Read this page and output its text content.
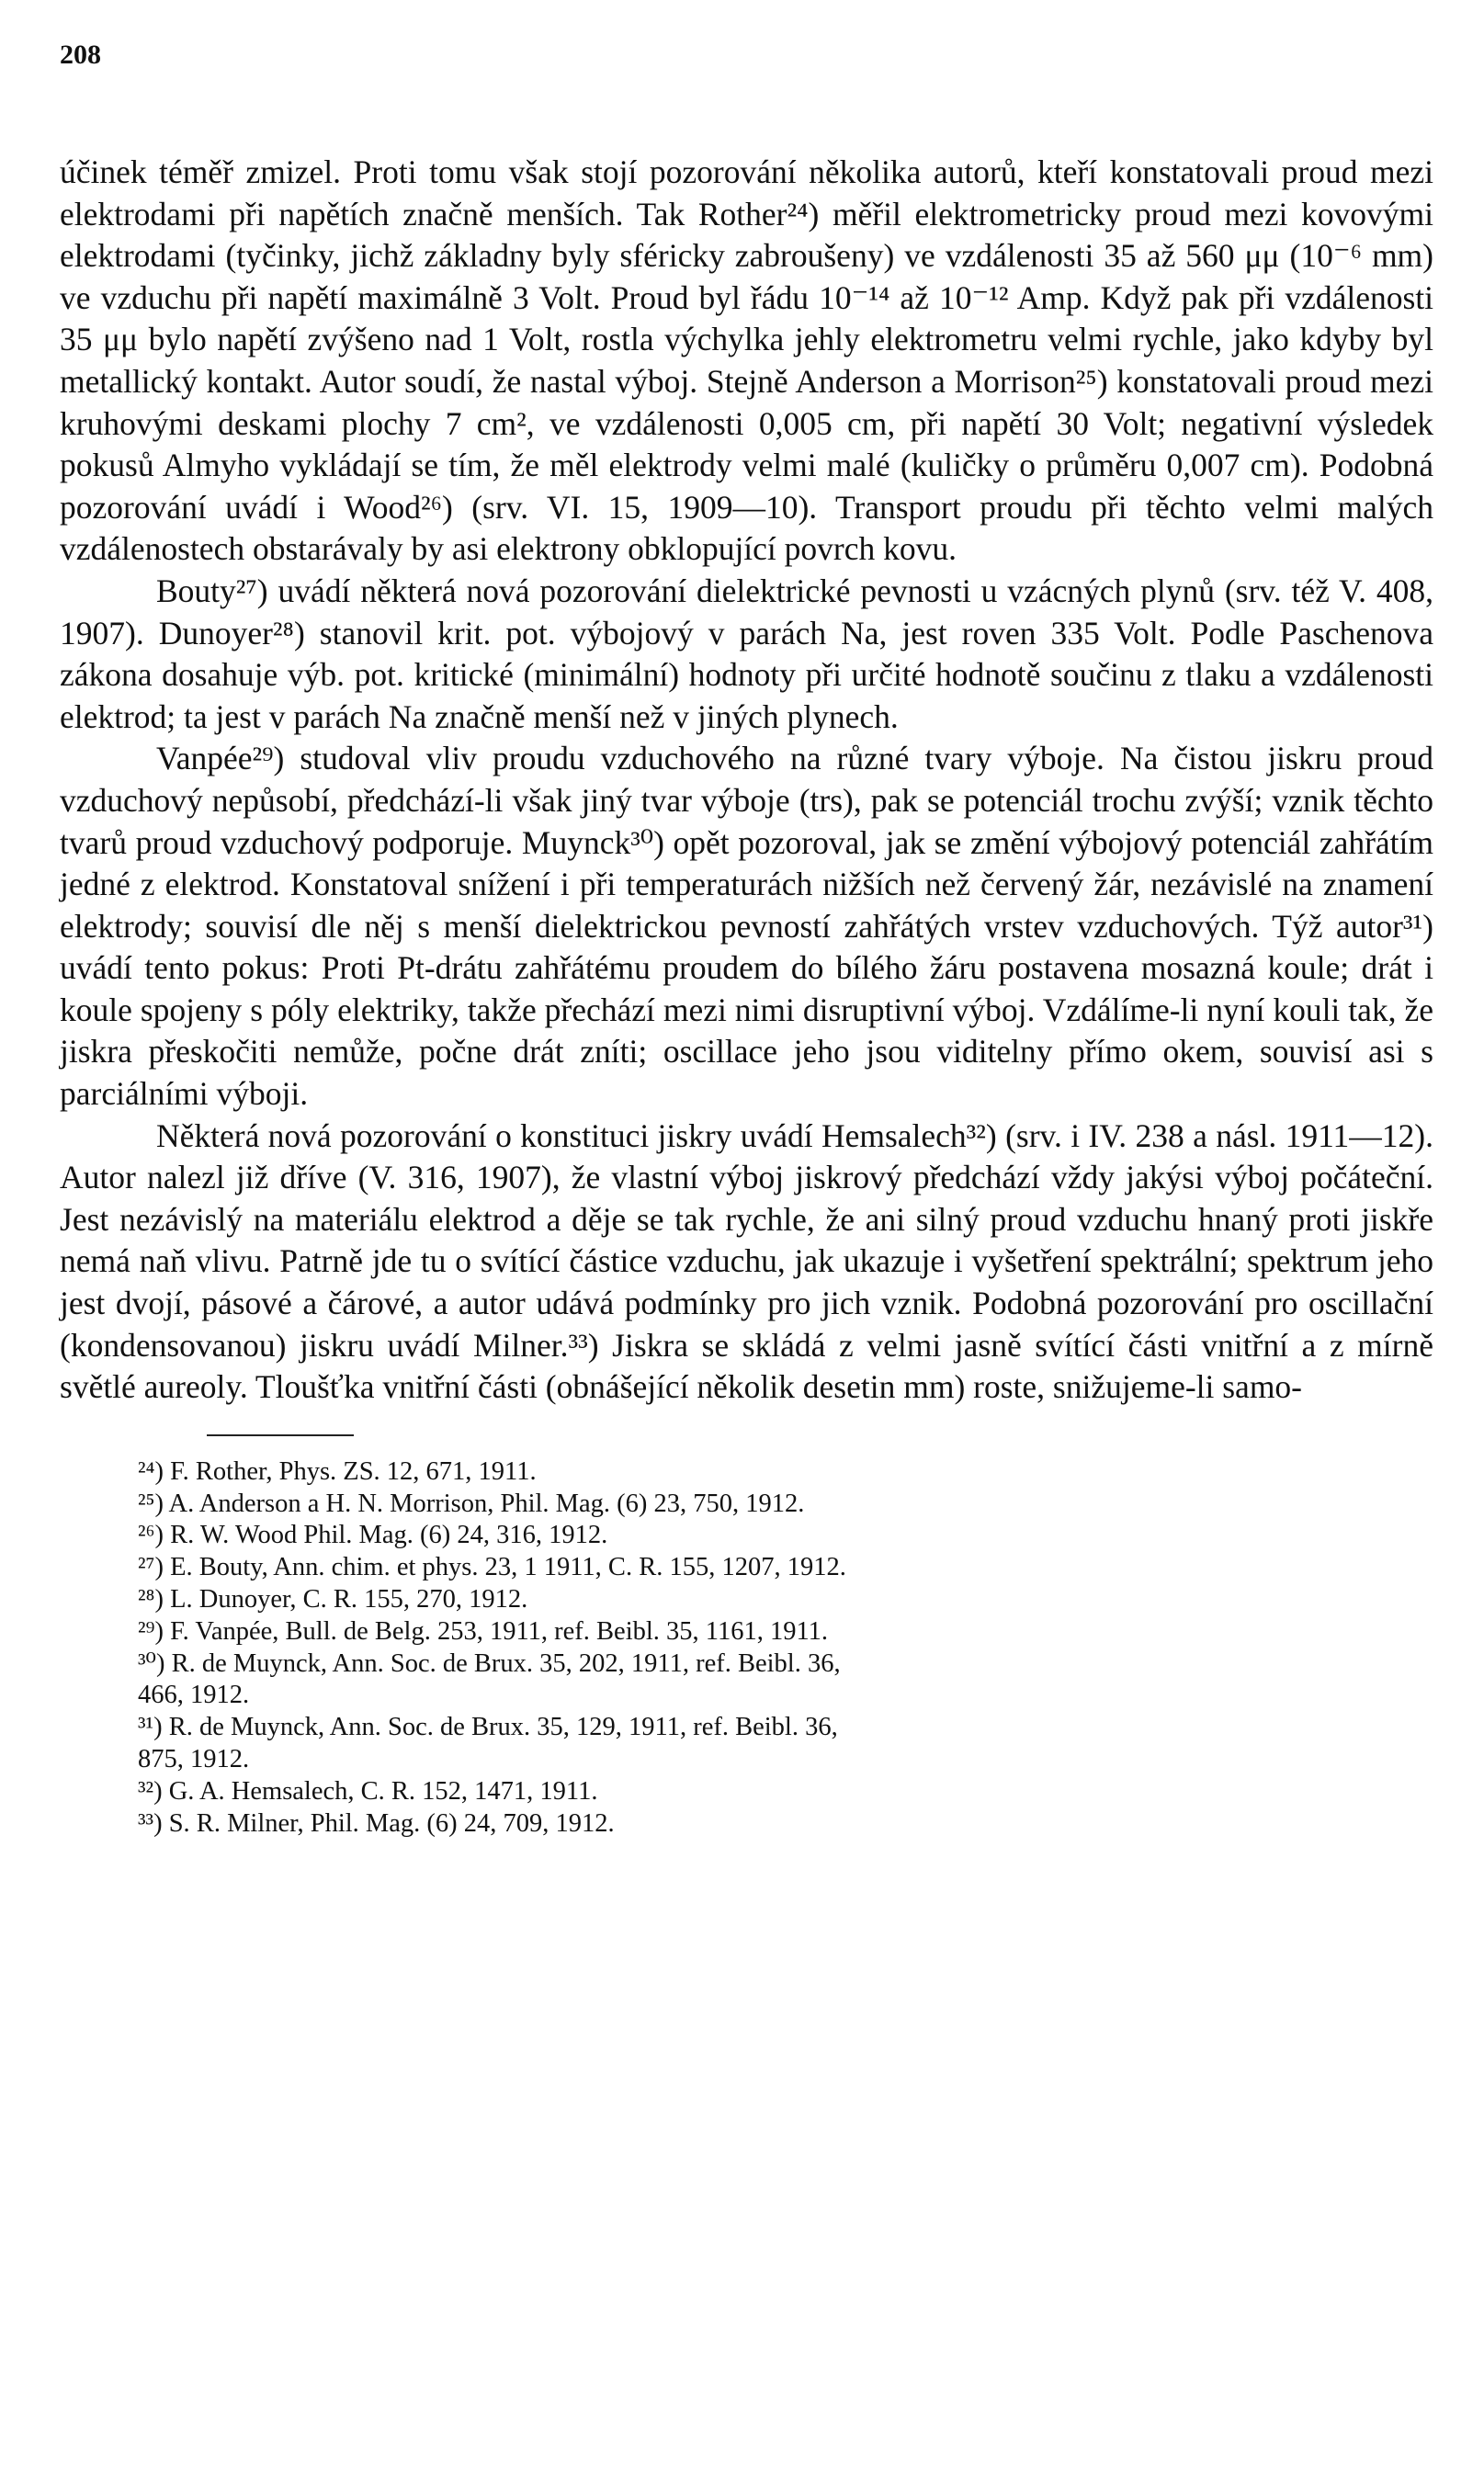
208

účinek téměř zmizel. Proti tomu však stojí pozorování několika autorů, kteří konstatovali proud mezi elektrodami při napětích značně menších. Tak Rother²⁴) měřil elektrometricky proud mezi kovovými elektrodami (tyčinky, jichž základny byly sféricky zabroušeny) ve vzdálenosti 35 až 560 μμ (10⁻⁶ mm) ve vzduchu při napětí maximálně 3 Volt. Proud byl řádu 10⁻¹⁴ až 10⁻¹² Amp. Když pak při vzdálenosti 35 μμ bylo napětí zvýšeno nad 1 Volt, rostla výchylka jehly elektrometru velmi rychle, jako kdyby byl metallický kontakt. Autor soudí, že nastal výboj. Stejně Anderson a Morrison²⁵) konstatovali proud mezi kruhovými deskami plochy 7 cm², ve vzdálenosti 0,005 cm, při napětí 30 Volt; negativní výsledek pokusů Almyho vykládají se tím, že měl elektrody velmi malé (kuličky o průměru 0,007 cm). Podobná pozorování uvádí i Wood²⁶) (srv. VI. 15, 1909—10). Transport proudu při těchto velmi malých vzdálenostech obstarávaly by asi elektrony obklopující povrch kovu.

Bouty²⁷) uvádí některá nová pozorování dielektrické pevnosti u vzácných plynů (srv. též V. 408, 1907). Dunoyer²⁸) stanovil krit. pot. výbojový v parách Na, jest roven 335 Volt. Podle Paschenova zákona dosahuje výb. pot. kritické (minimální) hodnoty při určité hodnotě součinu z tlaku a vzdálenosti elektrod; ta jest v parách Na značně menší než v jiných plynech.

Vanpée²⁹) studoval vliv proudu vzduchového na různé tvary výboje. Na čistou jiskru proud vzduchový nepůsobí, předchází-li však jiný tvar výboje (trs), pak se potenciál trochu zvýší; vznik těchto tvarů proud vzduchový podporuje. Muynck³⁰) opět pozoroval, jak se změní výbojový potenciál zahřátím jedné z elektrod. Konstatoval snížení i při temperaturách nižších než červený žár, nezávislé na znamení elektrody; souvisí dle něj s menší dielektrickou pevností zahřátých vrstev vzduchových. Týž autor³¹) uvádí tento pokus: Proti Pt-drátu zahřátému proudem do bílého žáru postavena mosazná koule; drát i koule spojeny s póly elektriky, takže přechází mezi nimi disruptivní výboj. Vzdálíme-li nyní kouli tak, že jiskra přeskočiti nemůže, počne drát zníti; oscillace jeho jsou viditelny přímo okem, souvisí asi s parciálními výboji.

Některá nová pozorování o konstituci jiskry uvádí Hemsalech³²) (srv. i IV. 238 a násl. 1911—12). Autor nalezl již dříve (V. 316, 1907), že vlastní výboj jiskrový předchází vždy jakýsi výboj počáteční. Jest nezávislý na materiálu elektrod a děje se tak rychle, že ani silný proud vzduchu hnaný proti jiskře nemá naň vlivu. Patrně jde tu o svítící částice vzduchu, jak ukazuje i vyšetření spektrální; spektrum jeho jest dvojí, pásové a čárové, a autor udává podmínky pro jich vznik. Podobná pozorování pro oscillační (kondensovanou) jiskru uvádí Milner.³³) Jiskra se skládá z velmi jasně svítící části vnitřní a z mírně světlé aureoly. Tloušťka vnitřní části (obnášející několik desetin mm) roste, snižujeme-li samo-

²⁴) F. Rother, Phys. ZS. 12, 671, 1911.

²⁵) A. Anderson a H. N. Morrison, Phil. Mag. (6) 23, 750, 1912.

²⁶) R. W. Wood Phil. Mag. (6) 24, 316, 1912.

²⁷) E. Bouty, Ann. chim. et phys. 23, 1 1911, C. R. 155, 1207, 1912.

²⁸) L. Dunoyer, C. R. 155, 270, 1912.

²⁹) F. Vanpée, Bull. de Belg. 253, 1911, ref. Beibl. 35, 1161, 1911.

³⁰) R. de Muynck, Ann. Soc. de Brux. 35, 202, 1911, ref. Beibl. 36,

466, 1912.

³¹) R. de Muynck, Ann. Soc. de Brux. 35, 129, 1911, ref. Beibl. 36,

875, 1912.

³²) G. A. Hemsalech, C. R. 152, 1471, 1911.

³³) S. R. Milner, Phil. Mag. (6) 24, 709, 1912.
